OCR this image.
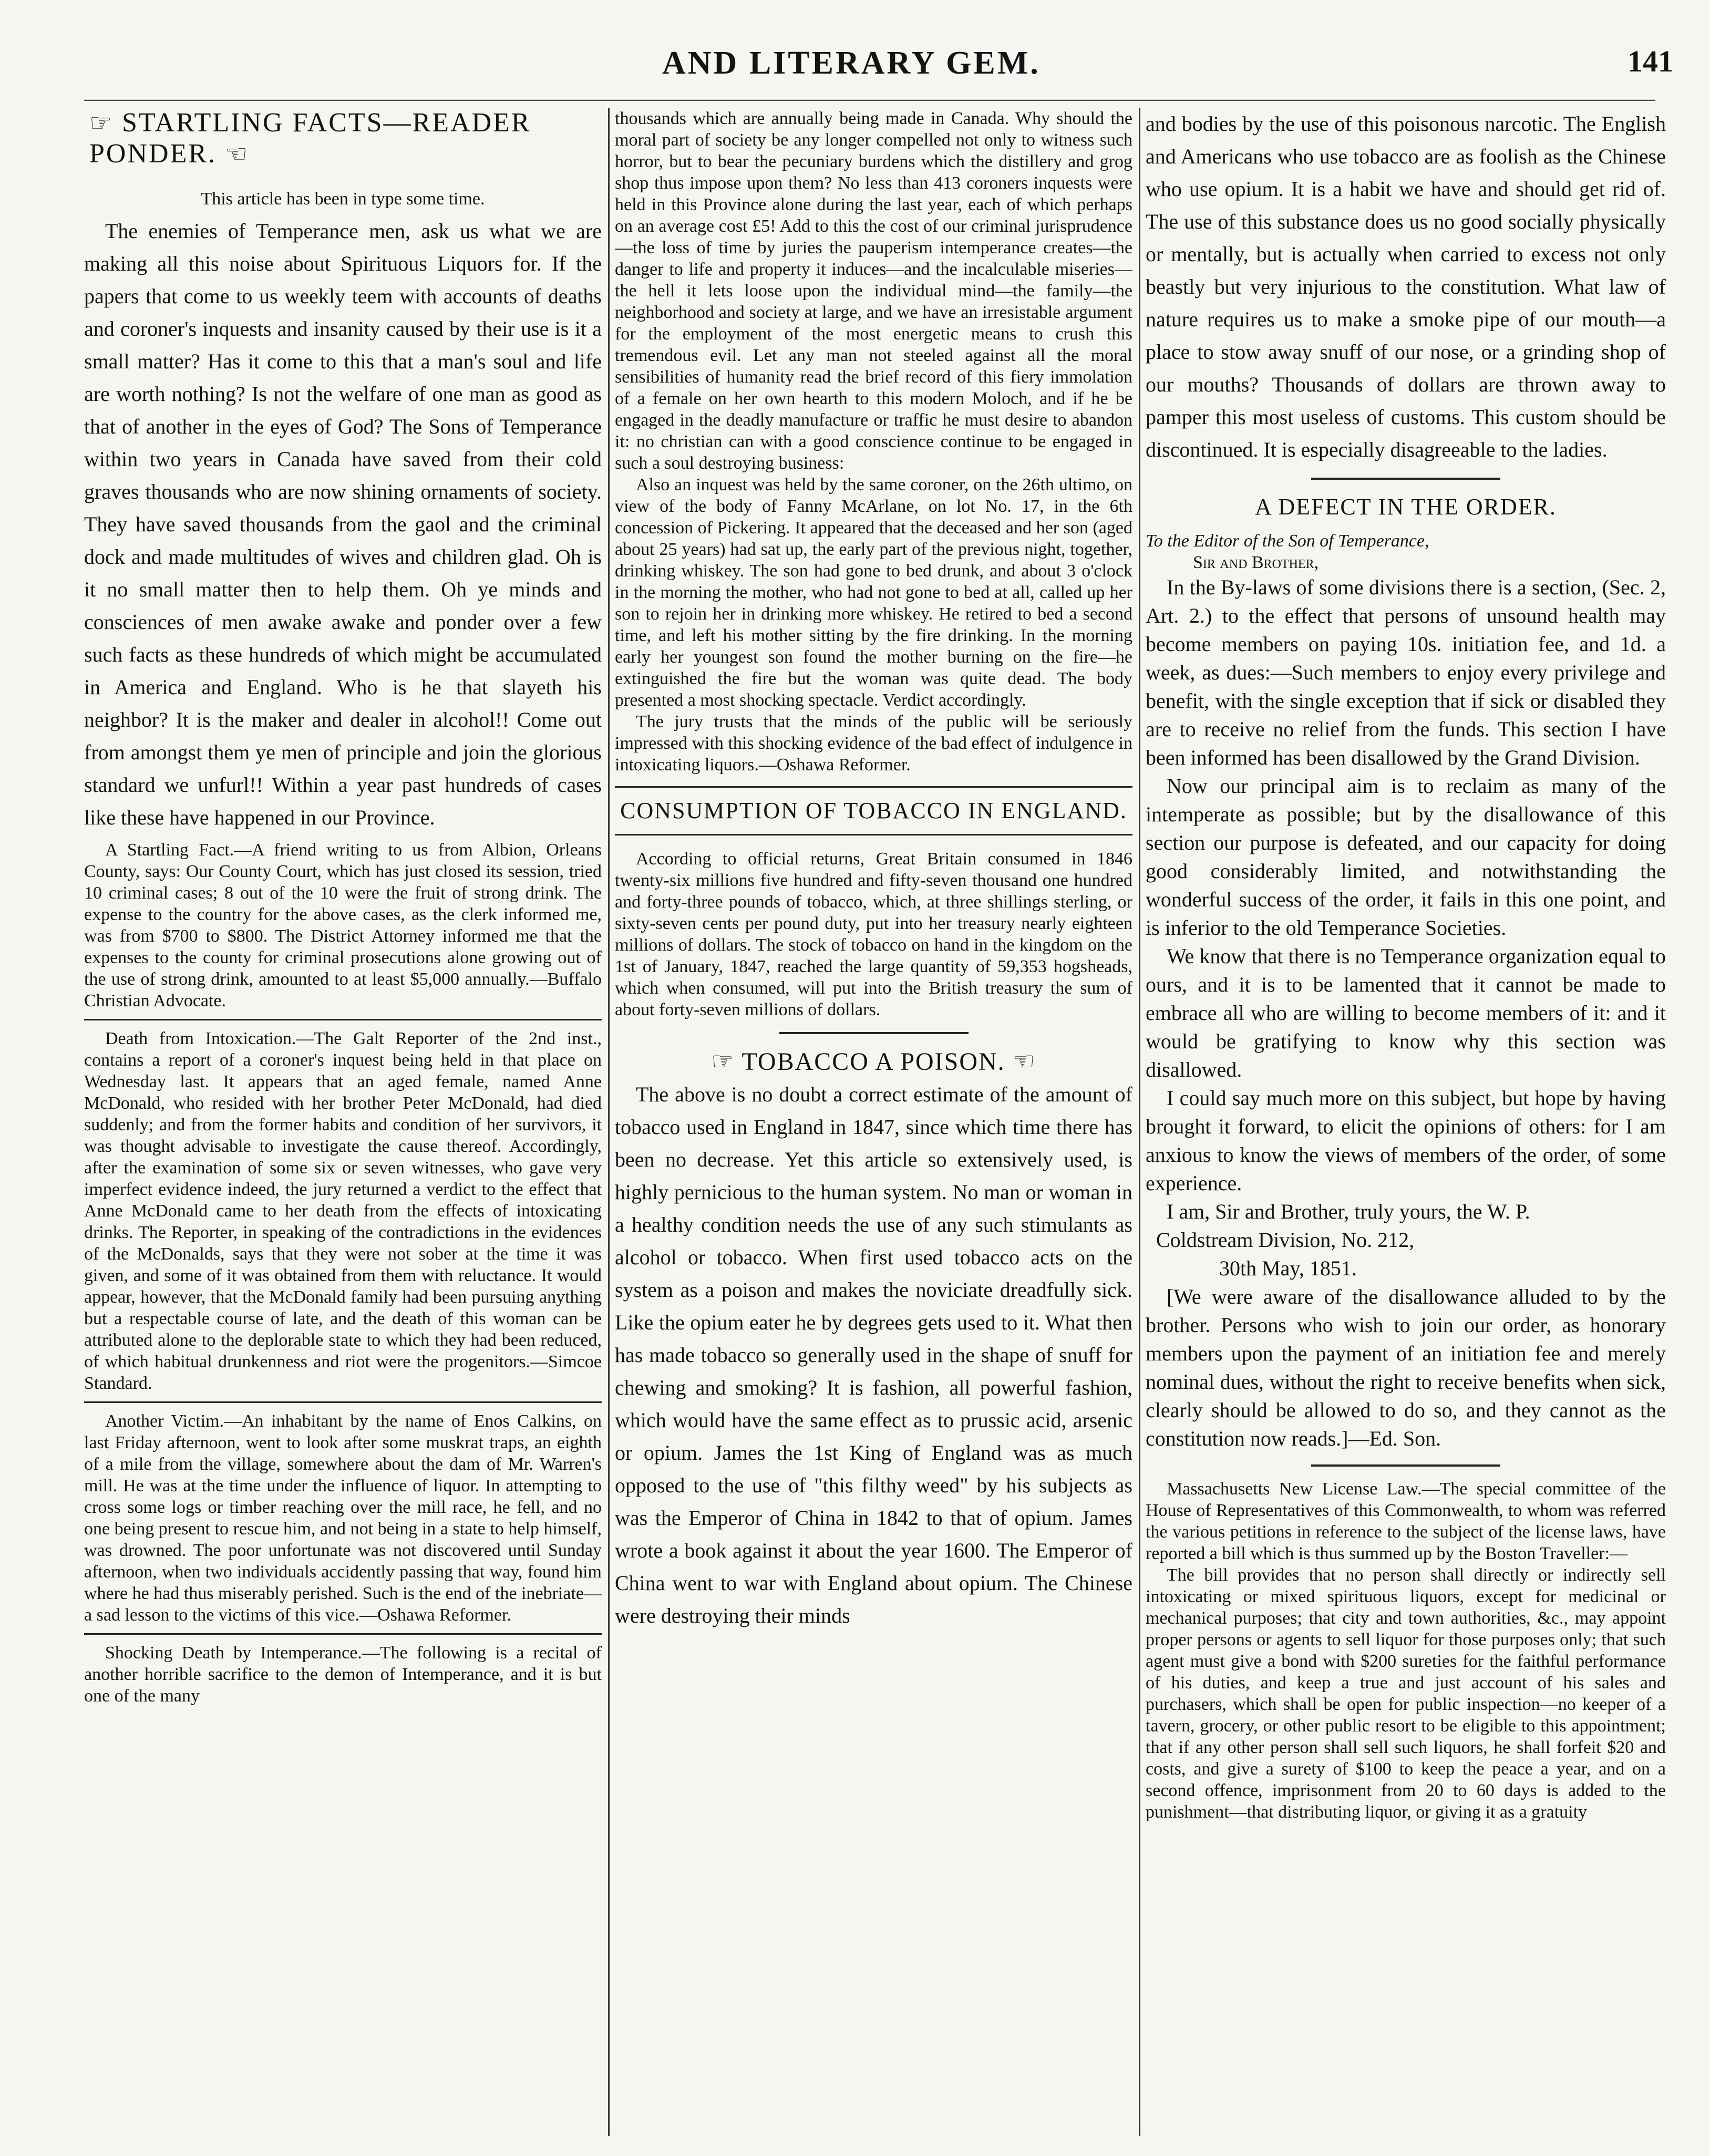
AND LITERARY GEM.	141
☞ STARTLING FACTS—READER PONDER. ☜
This article has been in type some time.

The enemies of Temperance men, ask us what we are making all this noise about Spirituous Liquors for. If the papers that come to us weekly teem with accounts of deaths and coroner's inquests and insanity caused by their use is it a small matter? Has it come to this that a man's soul and life are worth nothing? Is not the welfare of one man as good as that of another in the eyes of God? The Sons of Temperance within two years in Canada have saved from their cold graves thousands who are now shining ornaments of society. They have saved thousands from the gaol and the criminal dock and made multitudes of wives and children glad. Oh is it no small matter then to help them. Oh ye minds and consciences of men awake awake and ponder over a few such facts as these hundreds of which might be accumulated in America and England. Who is he that slayeth his neighbor? It is the maker and dealer in alcohol!! Come out from amongst them ye men of principle and join the glorious standard we unfurl!! Within a year past hundreds of cases like these have happened in our Province.

A Startling Fact.—A friend writing to us from Albion, Orleans County, says: Our County Court, which has just closed its session, tried 10 criminal cases; 8 out of the 10 were the fruit of strong drink. The expense to the country for the above cases, as the clerk informed me, was from $700 to $800. The District Attorney informed me that the expenses to the county for criminal prosecutions alone growing out of the use of strong drink, amounted to at least $5,000 annually.—Buffalo Christian Advocate.

Death from Intoxication.—The Galt Reporter of the 2nd inst., contains a report of a coroner's inquest being held in that place on Wednesday last. It appears that an aged female, named Anne McDonald, who resided with her brother Peter McDonald, had died suddenly; and from the former habits and condition of her survivors, it was thought advisable to investigate the cause thereof. Accordingly, after the examination of some six or seven witnesses, who gave very imperfect evidence indeed, the jury returned a verdict to the effect that Anne McDonald came to her death from the effects of intoxicating drinks. The Reporter, in speaking of the contradictions in the evidences of the McDonalds, says that they were not sober at the time it was given, and some of it was obtained from them with reluctance. It would appear, however, that the McDonald family had been pursuing anything but a respectable course of late, and the death of this woman can be attributed alone to the deplorable state to which they had been reduced, of which habitual drunkenness and riot were the progenitors.—Simcoe Standard.

Another Victim.—An inhabitant by the name of Enos Calkins, on last Friday afternoon, went to look after some muskrat traps, an eighth of a mile from the village, somewhere about the dam of Mr. Warren's mill. He was at the time under the influence of liquor. In attempting to cross some logs or timber reaching over the mill race, he fell, and no one being present to rescue him, and not being in a state to help himself, was drowned. The poor unfortunate was not discovered until Sunday afternoon, when two individuals accidently passing that way, found him where he had thus miserably perished. Such is the end of the inebriate—a sad lesson to the victims of this vice.—Oshawa Reformer.

Shocking Death by Intemperance.—The following is a recital of another horrible sacrifice to the demon of Intemperance, and it is but one of the many

thousands which are annually being made in Canada. Why should the moral part of society be any longer compelled not only to witness such horror, but to bear the pecuniary burdens which the distillery and grog shop thus impose upon them? No less than 413 coroners inquests were held in this Province alone during the last year, each of which perhaps on an average cost £5! Add to this the cost of our criminal jurisprudence—the loss of time by juries the pauperism intemperance creates—the danger to life and property it induces—and the incalculable miseries—the hell it lets loose upon the individual mind—the family—the neighborhood and society at large, and we have an irresistable argument for the employment of the most energetic means to crush this tremendous evil. Let any man not steeled against all the moral sensibilities of humanity read the brief record of this fiery immolation of a female on her own hearth to this modern Moloch, and if he be engaged in the deadly manufacture or traffic he must desire to abandon it: no christian can with a good conscience continue to be engaged in such a soul destroying business:

Also an inquest was held by the same coroner, on the 26th ultimo, on view of the body of Fanny McArlane, on lot No. 17, in the 6th concession of Pickering. It appeared that the deceased and her son (aged about 25 years) had sat up, the early part of the previous night, together, drinking whiskey. The son had gone to bed drunk, and about 3 o'clock in the morning the mother, who had not gone to bed at all, called up her son to rejoin her in drinking more whiskey. He retired to bed a second time, and left his mother sitting by the fire drinking. In the morning early her youngest son found the mother burning on the fire—he extinguished the fire but the woman was quite dead. The body presented a most shocking spectacle. Verdict accordingly.

The jury trusts that the minds of the public will be seriously impressed with this shocking evidence of the bad effect of indulgence in intoxicating liquors.—Oshawa Reformer.

CONSUMPTION OF TOBACCO IN ENGLAND.

According to official returns, Great Britain consumed in 1846 twenty-six millions five hundred and fifty-seven thousand one hundred and forty-three pounds of tobacco, which, at three shillings sterling, or sixty-seven cents per pound duty, put into her treasury nearly eighteen millions of dollars. The stock of tobacco on hand in the kingdom on the 1st of January, 1847, reached the large quantity of 59,353 hogsheads, which when consumed, will put into the British treasury the sum of about forty-seven millions of dollars.

☞ TOBACCO A POISON. ☜

The above is no doubt a correct estimate of the amount of tobacco used in England in 1847, since which time there has been no decrease. Yet this article so extensively used, is highly pernicious to the human system. No man or woman in a healthy condition needs the use of any such stimulants as alcohol or tobacco. When first used tobacco acts on the system as a poison and makes the noviciate dreadfully sick. Like the opium eater he by degrees gets used to it. What then has made tobacco so generally used in the shape of snuff for chewing and smoking? It is fashion, all powerful fashion, which would have the same effect as to prussic acid, arsenic or opium. James the 1st King of England was as much opposed to the use of "this filthy weed" by his subjects as was the Emperor of China in 1842 to that of opium. James wrote a book against it about the year 1600. The Emperor of China went to war with England about opium. The Chinese were destroying their minds

and bodies by the use of this poisonous narcotic. The English and Americans who use tobacco are as foolish as the Chinese who use opium. It is a habit we have and should get rid of. The use of this substance does us no good socially physically or mentally, but is actually when carried to excess not only beastly but very injurious to the constitution. What law of nature requires us to make a smoke pipe of our mouth—a place to stow away snuff of our nose, or a grinding shop of our mouths? Thousands of dollars are thrown away to pamper this most useless of customs. This custom should be discontinued. It is especially disagreeable to the ladies.

A DEFECT IN THE ORDER.

To the Editor of the Son of Temperance,

Sir and Brother,

In the By-laws of some divisions there is a section, (Sec. 2, Art. 2.) to the effect that persons of unsound health may become members on paying 10s. initiation fee, and 1d. a week, as dues:—Such members to enjoy every privilege and benefit, with the single exception that if sick or disabled they are to receive no relief from the funds. This section I have been informed has been disallowed by the Grand Division.

Now our principal aim is to reclaim as many of the intemperate as possible; but by the disallowance of this section our purpose is defeated, and our capacity for doing good considerably limited, and notwithstanding the wonderful success of the order, it fails in this one point, and is inferior to the old Temperance Societies.

We know that there is no Temperance organization equal to ours, and it is to be lamented that it cannot be made to embrace all who are willing to become members of it: and it would be gratifying to know why this section was disallowed.

I could say much more on this subject, but hope by having brought it forward, to elicit the opinions of others: for I am anxious to know the views of members of the order, of some experience.

I am, Sir and Brother, truly yours, the W. P.

Coldstream Division, No. 212,

30th May, 1851.

[We were aware of the disallowance alluded to by the brother. Persons who wish to join our order, as honorary members upon the payment of an initiation fee and merely nominal dues, without the right to receive benefits when sick, clearly should be allowed to do so, and they cannot as the constitution now reads.]—Ed. Son.

Massachusetts New License Law.—The special committee of the House of Representatives of this Commonwealth, to whom was referred the various petitions in reference to the subject of the license laws, have reported a bill which is thus summed up by the Boston Traveller:—

The bill provides that no person shall directly or indirectly sell intoxicating or mixed spirituous liquors, except for medicinal or mechanical purposes; that city and town authorities, &c., may appoint proper persons or agents to sell liquor for those purposes only; that such agent must give a bond with $200 sureties for the faithful performance of his duties, and keep a true and just account of his sales and purchasers, which shall be open for public inspection—no keeper of a tavern, grocery, or other public resort to be eligible to this appointment; that if any other person shall sell such liquors, he shall forfeit $20 and costs, and give a surety of $100 to keep the peace a year, and on a second offence, imprisonment from 20 to 60 days is added to the punishment—that distributing liquor, or giving it as a gratuity
